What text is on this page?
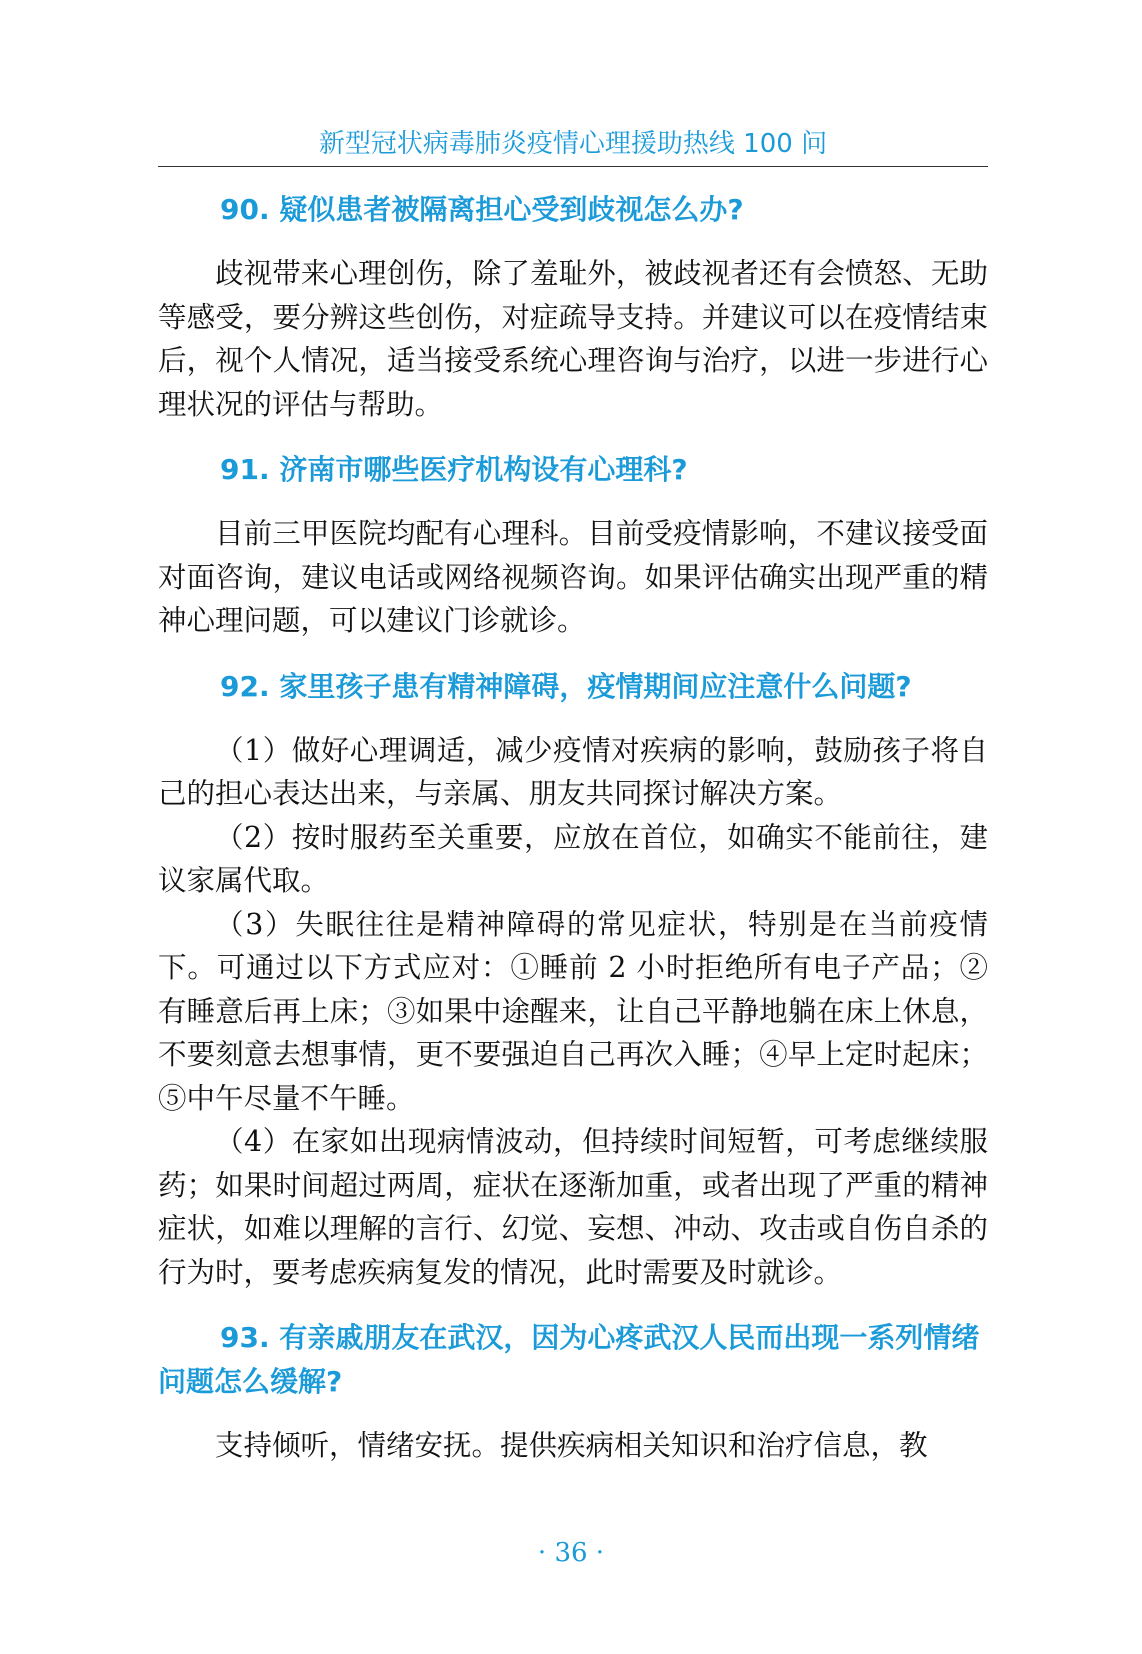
新型冠状病毒肺炎疫情心理援助热线 100 问
90. 疑似患者被隔离担心受到歧视怎么办?

歧视带来心理创伤，除了羞耻外，被歧视者还有会愤怒、无助等感受，要分辨这些创伤，对症疏导支持。并建议可以在疫情结束后，视个人情况，适当接受系统心理咨询与治疗，以进一步进行心理状况的评估与帮助。

91. 济南市哪些医疗机构设有心理科?

目前三甲医院均配有心理科。目前受疫情影响，不建议接受面对面咨询，建议电话或网络视频咨询。如果评估确实出现严重的精神心理问题，可以建议门诊就诊。

92. 家里孩子患有精神障碍，疫情期间应注意什么问题?

（1）做好心理调适，减少疫情对疾病的影响，鼓励孩子将自己的担心表达出来，与亲属、朋友共同探讨解决方案。

（2）按时服药至关重要，应放在首位，如确实不能前往，建议家属代取。

（3）失眠往往是精神障碍的常见症状，特别是在当前疫情下。可通过以下方式应对：①睡前 2 小时拒绝所有电子产品；②有睡意后再上床；③如果中途醒来，让自己平静地躺在床上休息，不要刻意去想事情，更不要强迫自己再次入睡；④早上定时起床；⑤中午尽量不午睡。

（4）在家如出现病情波动，但持续时间短暂，可考虑继续服药；如果时间超过两周，症状在逐渐加重，或者出现了严重的精神症状，如难以理解的言行、幻觉、妄想、冲动、攻击或自伤自杀的行为时，要考虑疾病复发的情况，此时需要及时就诊。

93. 有亲戚朋友在武汉，因为心疼武汉人民而出现一系列情绪问题怎么缓解?

支持倾听，情绪安抚。提供疾病相关知识和治疗信息，教

· 36 ·
